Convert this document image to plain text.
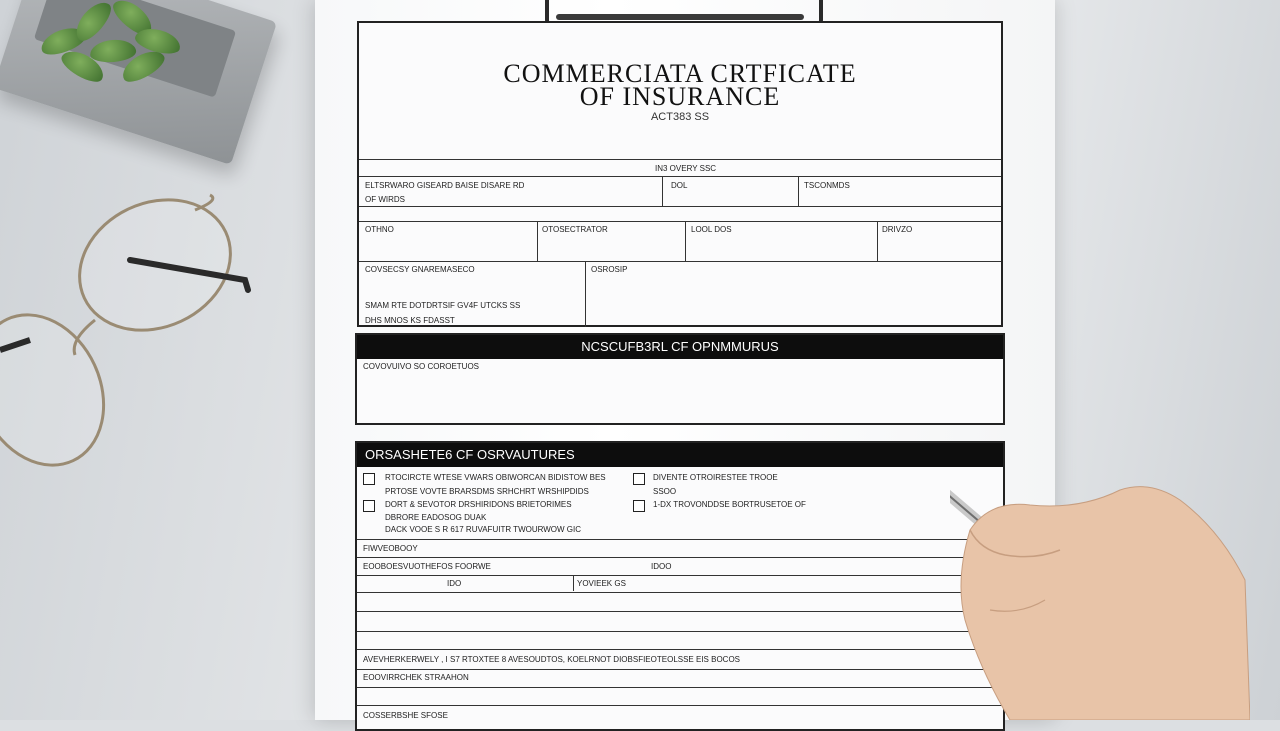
COMMERCIATA CRTFICATE
OF INSURANCE
ACT383 SS
IN3 OVERY SSC
ELTSRWARO GISEARD BAISE DISARE RD
OF WIRDS
DOL	TSCONMDS
OTHNO	OTOSECTRATOR	LOOL DOS	DRIVZO
COVSECSY GNAREMASECO	OSROSIP
SMAM RTE DOTDRTSIF GV4F UTCKS SS
DHS MNOS KS FDASST
NCSCUFB3RL CF OPNMMURUS
COVOVUIVO SO COROETUOS
ORSASHETE6 CF OSRVAUTURES
RTOCIRCTE WTESE VWARS OBIWORCAN BIDISTOW BES
PRTOSE VOVTE BRARSDMS SRHCHRT WRSHIPDIDS
DORT & SEVOTOR DRSHIRIDONS BRIETORIMES
DBRORE EADOSOG DUAK
DACK VOOE S R 617 RUVAFUITR TWOURWOW GIC
DIVENTE OTROIRESTEE TROOE
SSOO
1-DX TROVONDDSE BORTRUSETOE OF
FIWVEOBOOY
EOOBOESVUOTHEFOS FOORWE	IDOO
IDO	YOVIEEK GS
AVEVHERKERWELY , I S7 RTOXTEE 8 AVESOUDTOS, KOELRNOT DIOBSFIEOTEOLSSE EIS BOCOS
EOOVIRRCHEK STRAAHON
COSSERBSHE SFOSE
